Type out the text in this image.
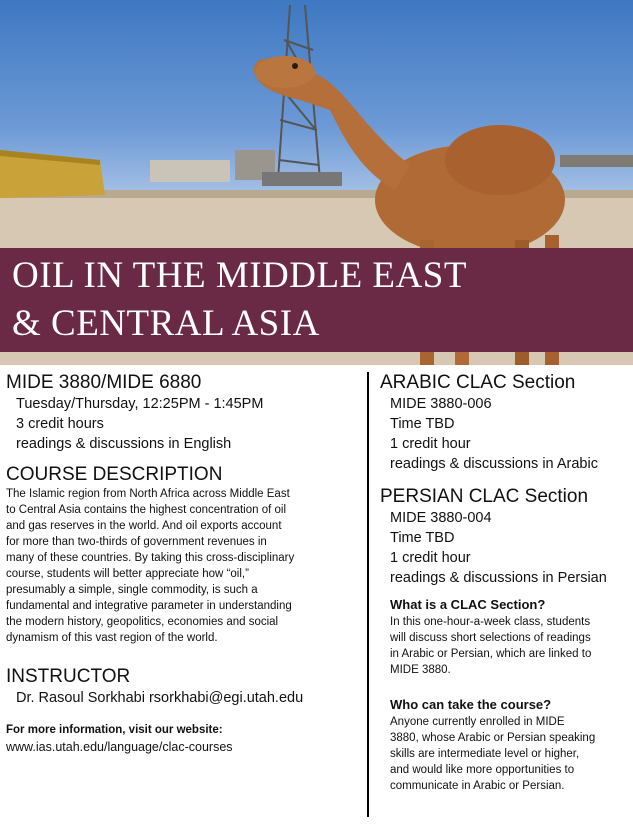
OIL IN THE MIDDLE EAST
& CENTRAL ASIA
MIDE 3880/MIDE 6880
Tuesday/Thursday, 12:25PM - 1:45PM
3 credit hours
readings & discussions in English
COURSE DESCRIPTION
The Islamic region from North Africa across Middle East
to Central Asia contains the highest concentration of oil
and gas reserves in the world. And oil exports account
for more than two-thirds of government revenues in
many of these countries. By taking this cross-disciplinary
course, students will better appreciate how “oil,”
presumably a simple, single commodity, is such a
fundamental and integrative parameter in understanding
the modern history, geopolitics, economies and social
dynamism of this vast region of the world.
INSTRUCTOR
Dr. Rasoul Sorkhabi rsorkhabi@egi.utah.edu
For more information, visit our website:
www.ias.utah.edu/language/clac-courses
ARABIC CLAC Section
MIDE 3880-006
Time TBD
1 credit hour
readings & discussions in Arabic
PERSIAN CLAC Section
MIDE 3880-004
Time TBD
1 credit hour
readings & discussions in Persian
What is a CLAC Section?
In this one-hour-a-week class, students
will discuss short selections of readings
in Arabic or Persian, which are linked to
MIDE 3880.
Who can take the course?
Anyone currently enrolled in MIDE
3880, whose Arabic or Persian speaking
skills are intermediate level or higher,
and would like more opportunities to
communicate in Arabic or Persian.
